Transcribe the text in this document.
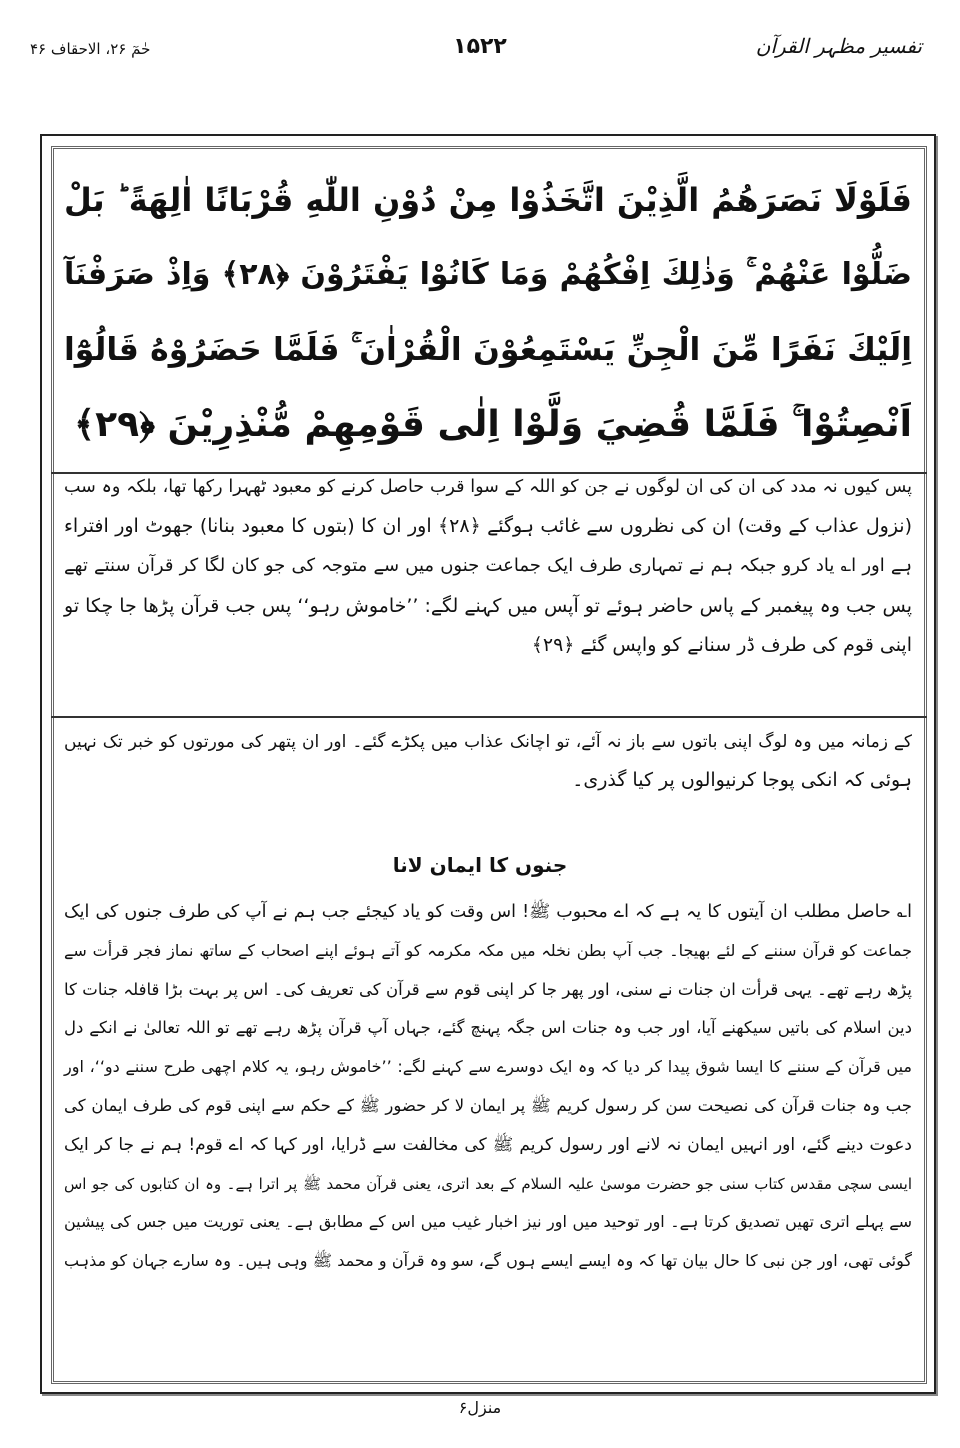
تفسیر مظہر القرآن
۱۵۲۲
حٰمٓ ۲۶، الاحقاف ۴۶
فَلَوْلَا نَصَرَهُمُ الَّذِيْنَ اتَّخَذُوْا مِنْ دُوْنِ اللّٰهِ قُرْبَانًا اٰلِهَةً ؕ بَلْ
ضَلُّوْا عَنْهُمْ ۚ وَذٰلِكَ اِفْكُهُمْ وَمَا كَانُوْا يَفْتَرُوْنَ ﴿۲۸﴾ وَاِذْ صَرَفْنَآ
اِلَيْكَ نَفَرًا مِّنَ الْجِنِّ يَسْتَمِعُوْنَ الْقُرْاٰنَ ۚ فَلَمَّا حَضَرُوْهُ قَالُوْٓا
اَنْصِتُوْا ۚ فَلَمَّا قُضِيَ وَلَّوْا اِلٰى قَوْمِهِمْ مُّنْذِرِيْنَ ﴿۲۹﴾
پس کیوں نہ مدد کی ان کی ان لوگوں نے جن کو اللہ کے سوا قرب حاصل کرنے کو معبود ٹھہرا رکھا تھا، بلکہ وہ سب
(نزول عذاب کے وقت) ان کی نظروں سے غائب ہوگئے ﴿۲۸﴾ اور ان کا (بتوں کا معبود بنانا) جھوٹ اور افتراء
ہے اور ا؎ یاد کرو جبکہ ہم نے تمہاری طرف ایک جماعت جنوں میں سے متوجہ کی جو کان لگا کر قرآن سنتے تھے
پس جب وہ پیغمبر کے پاس حاضر ہوئے تو آپس میں کہنے لگے: ’’خاموش رہو‘‘ پس جب قرآن پڑھا جا چکا تو
اپنی قوم کی طرف ڈر سنانے کو واپس گئے ﴿۲۹﴾
کے زمانہ میں وہ لوگ اپنی باتوں سے باز نہ آئے، تو اچانک عذاب میں پکڑے گئے۔ اور ان پتھر کی مورتوں کو خبر تک نہیں
ہوئی کہ انکی پوجا کرنیوالوں پر کیا گذری۔
جنوں کا ایمان لانا
ا؎ حاصل مطلب ان آیتوں کا یہ ہے کہ اے محبوب ﷺ! اس وقت کو یاد کیجئے جب ہم نے آپ کی طرف جنوں کی ایک
جماعت کو قرآن سننے کے لئے بھیجا۔ جب آپ بطن نخلہ میں مکہ مکرمہ کو آتے ہوئے اپنے اصحاب کے ساتھ نماز فجر قرأت سے
پڑھ رہے تھے۔ یہی قرأت ان جنات نے سنی، اور پھر جا کر اپنی قوم سے قرآن کی تعریف کی۔ اس پر بہت بڑا قافلہ جنات کا
دین اسلام کی باتیں سیکھنے آیا، اور جب وہ جنات اس جگہ پہنچ گئے، جہاں آپ قرآن پڑھ رہے تھے تو اللہ تعالیٰ نے انکے دل
میں قرآن کے سننے کا ایسا شوق پیدا کر دیا کہ وہ ایک دوسرے سے کہنے لگے: ’’خاموش رہو، یہ کلام اچھی طرح سننے دو‘‘، اور
جب وہ جنات قرآن کی نصیحت سن کر رسول کریم ﷺ پر ایمان لا کر حضور ﷺ کے حکم سے اپنی قوم کی طرف ایمان کی
دعوت دینے گئے، اور انہیں ایمان نہ لانے اور رسول کریم ﷺ کی مخالفت سے ڈرایا، اور کہا کہ اے قوم! ہم نے جا کر ایک
ایسی سچی مقدس کتاب سنی جو حضرت موسیٰ علیہ السلام کے بعد اتری، یعنی قرآن محمد ﷺ پر اترا ہے۔ وہ ان کتابوں کی جو اس
سے پہلے اتری تھیں تصدیق کرتا ہے۔ اور توحید میں اور نیز اخبار غیب میں اس کے مطابق ہے۔ یعنی توریت میں جس کی پیشین
گوئی تھی، اور جن نبی کا حال بیان تھا کہ وہ ایسے ایسے ہوں گے، سو وہ قرآن و محمد ﷺ وہی ہیں۔ وہ سارے جہان کو مذہب
منزل۶
